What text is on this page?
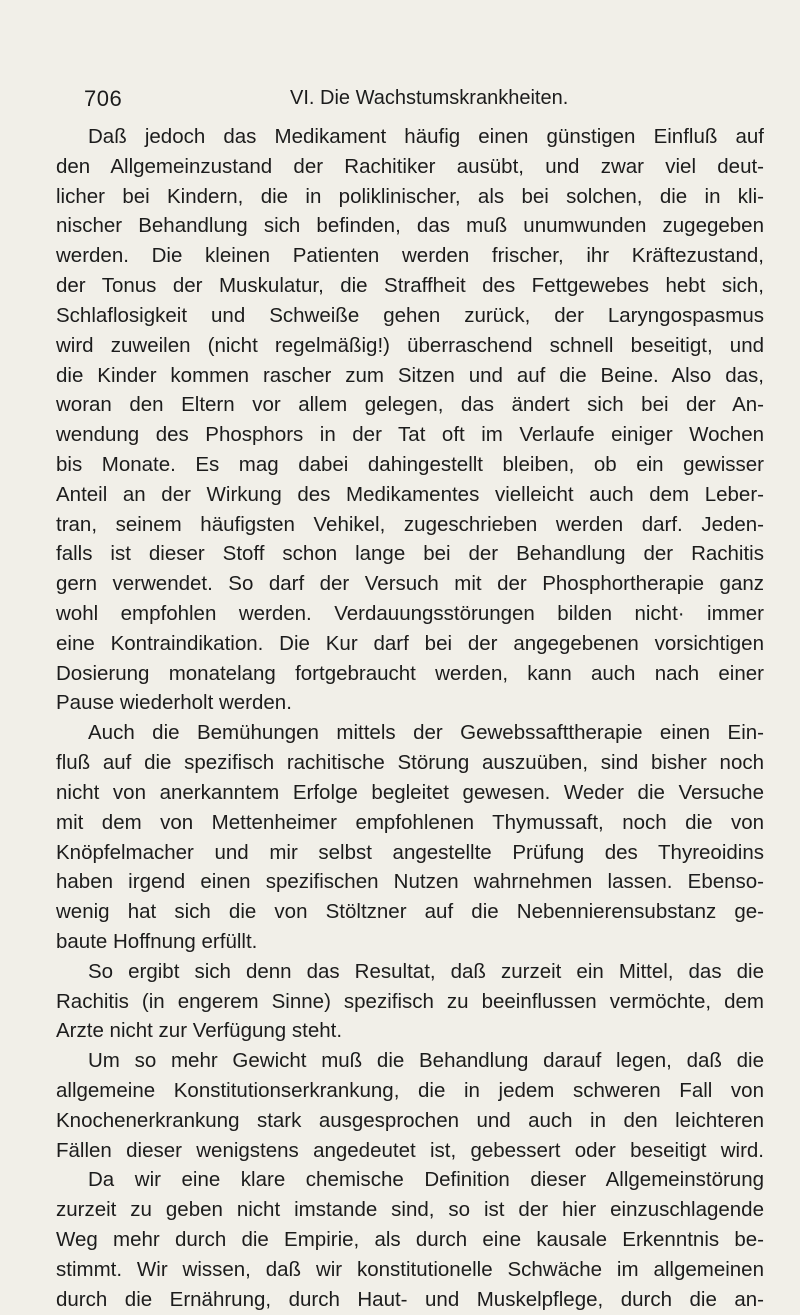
706	VI. Die Wachstumskrankheiten.
Daß jedoch das Medikament häufig einen günstigen Einfluß auf
den Allgemeinzustand der Rachitiker ausübt, und zwar viel deut-
licher bei Kindern, die in poliklinischer, als bei solchen, die in kli-
nischer Behandlung sich befinden, das muß unumwunden zugegeben
werden. Die kleinen Patienten werden frischer, ihr Kräftezustand,
der Tonus der Muskulatur, die Straffheit des Fettgewebes hebt sich,
Schlaflosigkeit und Schweiße gehen zurück, der Laryngospasmus
wird zuweilen (nicht regelmäßig!) überraschend schnell beseitigt, und
die Kinder kommen rascher zum Sitzen und auf die Beine. Also das,
woran den Eltern vor allem gelegen, das ändert sich bei der An-
wendung des Phosphors in der Tat oft im Verlaufe einiger Wochen
bis Monate. Es mag dabei dahingestellt bleiben, ob ein gewisser
Anteil an der Wirkung des Medikamentes vielleicht auch dem Leber-
tran, seinem häufigsten Vehikel, zugeschrieben werden darf. Jeden-
falls ist dieser Stoff schon lange bei der Behandlung der Rachitis
gern verwendet. So darf der Versuch mit der Phosphortherapie ganz
wohl empfohlen werden. Verdauungsstörungen bilden nicht· immer
eine Kontraindikation. Die Kur darf bei der angegebenen vorsichtigen
Dosierung monatelang fortgebraucht werden, kann auch nach einer
Pause wiederholt werden.
Auch die Bemühungen mittels der Gewebssafttherapie einen Ein-
fluß auf die spezifisch rachitische Störung auszuüben, sind bisher noch
nicht von anerkanntem Erfolge begleitet gewesen. Weder die Versuche
mit dem von Mettenheimer empfohlenen Thymussaft, noch die von
Knöpfelmacher und mir selbst angestellte Prüfung des Thyreoidins
haben irgend einen spezifischen Nutzen wahrnehmen lassen. Ebenso-
wenig hat sich die von Stöltzner auf die Nebennierensubstanz ge-
baute Hoffnung erfüllt.
So ergibt sich denn das Resultat, daß zurzeit ein Mittel, das die
Rachitis (in engerem Sinne) spezifisch zu beeinflussen vermöchte, dem
Arzte nicht zur Verfügung steht.
Um so mehr Gewicht muß die Behandlung darauf legen, daß die
allgemeine Konstitutionserkrankung, die in jedem schweren Fall von
Knochenerkrankung stark ausgesprochen und auch in den leichteren
Fällen dieser wenigstens angedeutet ist, gebessert oder beseitigt wird.
Da wir eine klare chemische Definition dieser Allgemeinstörung
zurzeit zu geben nicht imstande sind, so ist der hier einzuschlagende
Weg mehr durch die Empirie, als durch eine kausale Erkenntnis be-
stimmt. Wir wissen, daß wir konstitutionelle Schwäche im allgemeinen
durch die Ernährung, durch Haut- und Muskelpflege, durch die an-
